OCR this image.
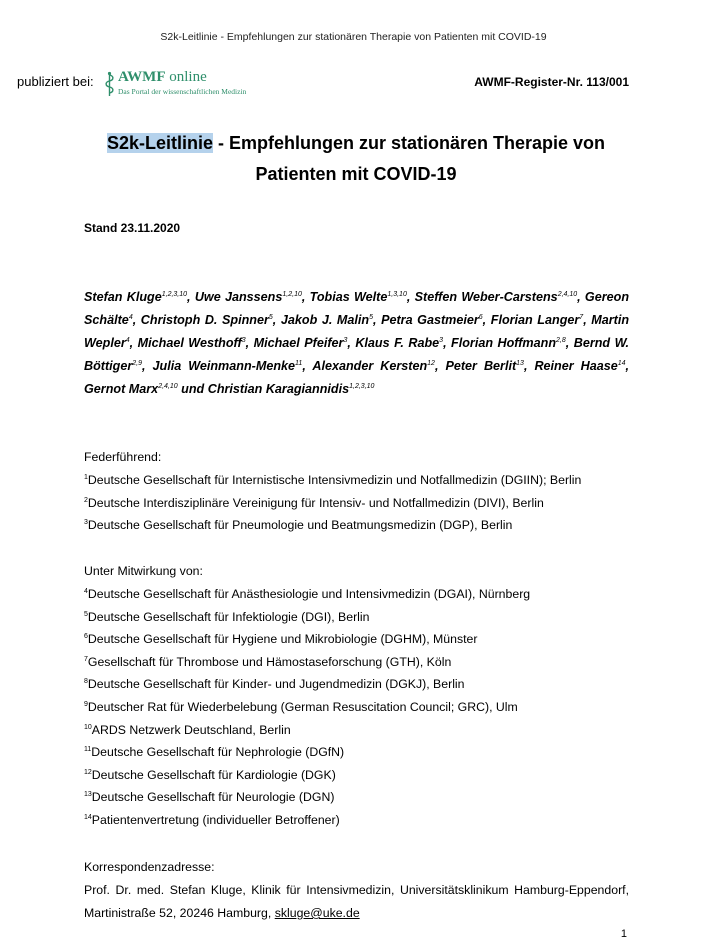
S2k-Leitlinie - Empfehlungen zur stationären Therapie von Patienten mit COVID-19
publiziert bei: AWMF online
Das Portal der wissenschaftlichen Medizin
AWMF-Register-Nr. 113/001
S2k-Leitlinie - Empfehlungen zur stationären Therapie von
Patienten mit COVID-19
Stand 23.11.2020
Stefan Kluge$^{1,2,3,10}$, Uwe Janssens$^{1,2,10}$, Tobias Welte$^{1,3,10}$, Steffen Weber-Carstens$^{2,4,10}$, Gereon Schälte$^4$, Christoph D. Spinner$^5$, Jakob J. Malin$^5$, Petra Gastmeier$^6$, Florian Langer$^7$, Martin Wepler$^4$, Michael Westhoff$^3$, Michael Pfeifer$^3$, Klaus F. Rabe$^3$, Florian Hoffmann$^{2,8}$, Bernd W. Böttiger$^{2,9}$, Julia Weinmann-Menke$^{11}$, Alexander Kersten$^{12}$, Peter Berlit$^{13}$, Reiner Haase$^{14}$, Gernot Marx$^{2,4,10}$ und Christian Karagiannidis$^{1,2,3,10}$
Federführend:
$^1$Deutsche Gesellschaft für Internistische Intensivmedizin und Notfallmedizin (DGIIN); Berlin
$^2$Deutsche Interdisziplinäre Vereinigung für Intensiv- und Notfallmedizin (DIVI), Berlin
$^3$Deutsche Gesellschaft für Pneumologie und Beatmungsmedizin (DGP), Berlin
Unter Mitwirkung von:
$^4$Deutsche Gesellschaft für Anästhesiologie und Intensivmedizin (DGAI), Nürnberg
$^5$Deutsche Gesellschaft für Infektiologie (DGI), Berlin
$^6$Deutsche Gesellschaft für Hygiene und Mikrobiologie (DGHM), Münster
$^7$Gesellschaft für Thrombose und Hämostaseforschung (GTH), Köln
$^8$Deutsche Gesellschaft für Kinder- und Jugendmedizin (DGKJ), Berlin
$^9$Deutscher Rat für Wiederbelebung (German Resuscitation Council; GRC), Ulm
$^{10}$ARDS Netzwerk Deutschland, Berlin
$^{11}$Deutsche Gesellschaft für Nephrologie (DGfN)
$^{12}$Deutsche Gesellschaft für Kardiologie (DGK)
$^{13}$Deutsche Gesellschaft für Neurologie (DGN)
$^{14}$Patientenvertretung (individueller Betroffener)
Korrespondenzadresse:
Prof. Dr. med. Stefan Kluge, Klinik für Intensivmedizin, Universitätsklinikum Hamburg-Eppendorf, Martinistraße 52, 20246 Hamburg, skluge@uke.de
1
